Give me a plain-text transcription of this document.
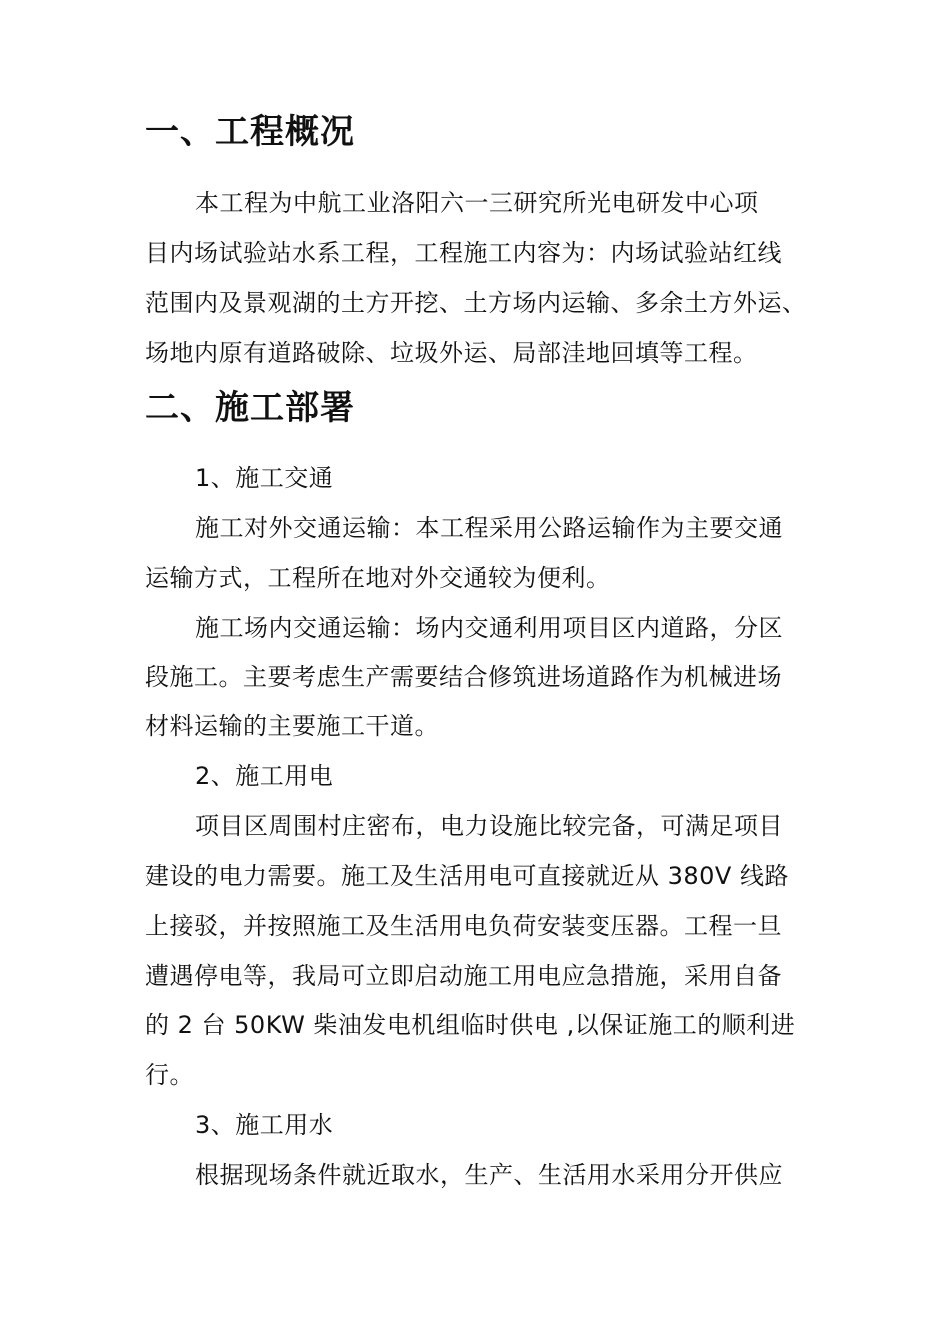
一、工程概况
本工程为中航工业洛阳六一三研究所光电研发中心项
目内场试验站水系工程，工程施工内容为：内场试验站红线
范围内及景观湖的土方开挖、土方场内运输、多余土方外运、
场地内原有道路破除、垃圾外运、局部洼地回填等工程。
二、施工部署
1、施工交通
施工对外交通运输：本工程采用公路运输作为主要交通
运输方式，工程所在地对外交通较为便利。
施工场内交通运输：场内交通利用项目区内道路，分区
段施工。主要考虑生产需要结合修筑进场道路作为机械进场
材料运输的主要施工干道。
2、施工用电
项目区周围村庄密布，电力设施比较完备，可满足项目
建设的电力需要。施工及生活用电可直接就近从 380V 线路
上接驳，并按照施工及生活用电负荷安装变压器。工程一旦
遭遇停电等，我局可立即启动施工用电应急措施，采用自备
的 2 台 50KW 柴油发电机组临时供电 ,以保证施工的顺利进
行。
3、施工用水
根据现场条件就近取水，生产、生活用水采用分开供应
